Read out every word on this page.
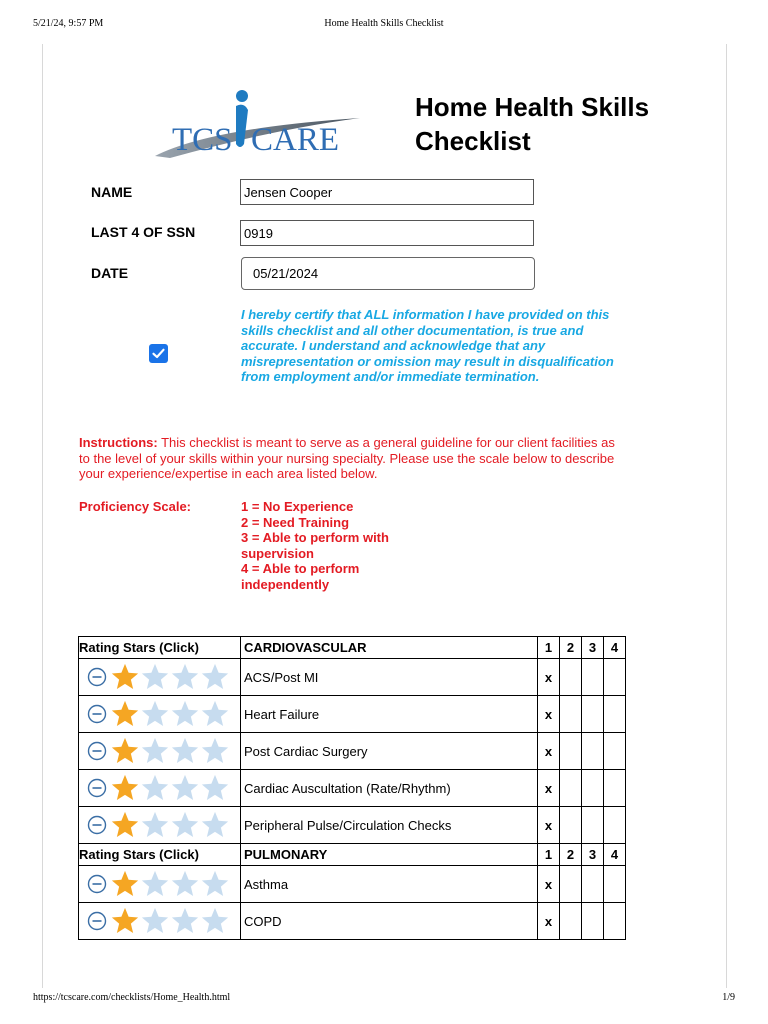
5/21/24, 9:57 PM	Home Health Skills Checklist
TCS CARE
Home Health Skills Checklist
NAME
Jensen Cooper
LAST 4 OF SSN
0919
DATE
05/21/2024
I hereby certify that ALL information I have provided on this skills checklist and all other documentation, is true and accurate. I understand and acknowledge that any misrepresentation or omission may result in disqualification from employment and/or immediate termination.
Instructions: This checklist is meant to serve as a general guideline for our client facilities as to the level of your skills within your nursing specialty. Please use the scale below to describe your experience/expertise in each area listed below.
Proficiency Scale:	1 = No Experience
2 = Need Training
3 = Able to perform with supervision
4 = Able to perform independently
Rating Stars (Click)	CARDIOVASCULAR	1	2	3	4

	ACS/Post MI	x			

	Heart Failure	x			

	Post Cardiac Surgery	x			

	Cardiac Auscultation (Rate/Rhythm)	x			

	Peripheral Pulse/Circulation Checks	x			
Rating Stars (Click)	PULMONARY	1	2	3	4

	Asthma	x			

	COPD	x			
https://tcscare.com/checklists/Home_Health.html	1/9
